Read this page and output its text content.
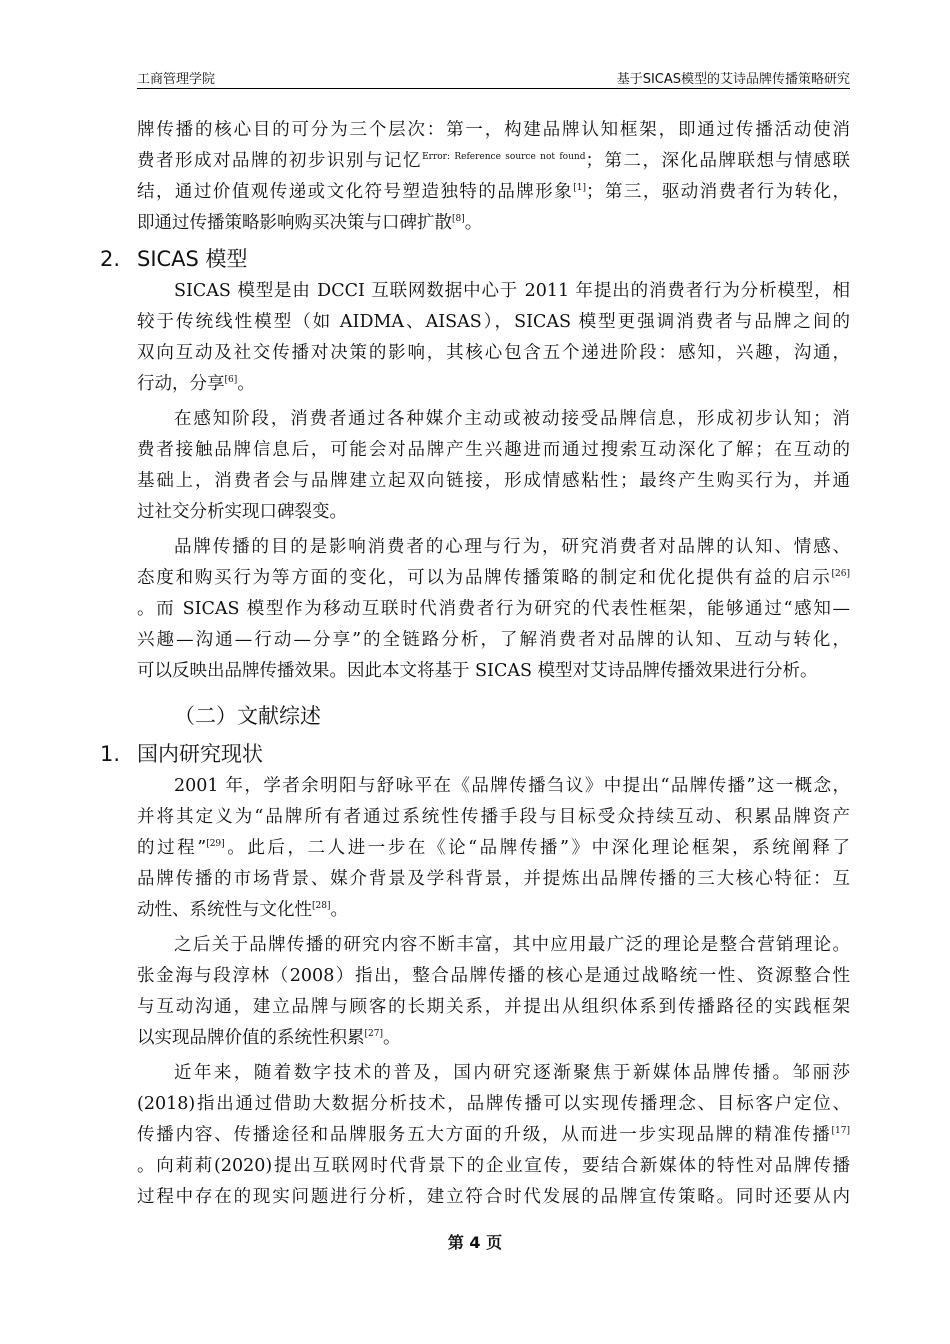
工商管理学院	基于SICAS模型的艾诗品牌传播策略研究
牌传播的核心目的可分为三个层次：第一，构建品牌认知框架，即通过传播活动使消
费者形成对品牌的初步识别与记忆$^{Error: Reference source not found}$；第二，深化品牌联想与情感联
结，通过价值观传递或文化符号塑造独特的品牌形象[1]；第三，驱动消费者行为转化，
即通过传播策略影响购买决策与口碑扩散[8]。
2. SICAS 模型
SICAS 模型是由 DCCI 互联网数据中心于 2011 年提出的消费者行为分析模型，相
较于传统线性模型（如 AIDMA、AISAS），SICAS 模型更强调消费者与品牌之间的
双向互动及社交传播对决策的影响，其核心包含五个递进阶段：感知，兴趣，沟通，
行动，分享[6]。
在感知阶段，消费者通过各种媒介主动或被动接受品牌信息，形成初步认知；消
费者接触品牌信息后，可能会对品牌产生兴趣进而通过搜索互动深化了解；在互动的
基础上，消费者会与品牌建立起双向链接，形成情感粘性；最终产生购买行为，并通
过社交分析实现口碑裂变。
品牌传播的目的是影响消费者的心理与行为，研究消费者对品牌的认知、情感、
态度和购买行为等方面的变化，可以为品牌传播策略的制定和优化提供有益的启示[26]
。而 SICAS 模型作为移动互联时代消费者行为研究的代表性框架，能够通过“感知—
兴趣—沟通—行动—分享”的全链路分析，了解消费者对品牌的认知、互动与转化，
可以反映出品牌传播效果。因此本文将基于 SICAS 模型对艾诗品牌传播效果进行分析。
（二）文献综述
1. 国内研究现状
2001 年，学者余明阳与舒咏平在《品牌传播刍议》中提出“品牌传播”这一概念，
并将其定义为“品牌所有者通过系统性传播手段与目标受众持续互动、积累品牌资产
的过程”[29]。此后，二人进一步在《论“品牌传播”》中深化理论框架，系统阐释了
品牌传播的市场背景、媒介背景及学科背景，并提炼出品牌传播的三大核心特征：互
动性、系统性与文化性[28]。
之后关于品牌传播的研究内容不断丰富，其中应用最广泛的理论是整合营销理论。
张金海与段淳林（2008）指出，整合品牌传播的核心是通过战略统一性、资源整合性
与互动沟通，建立品牌与顾客的长期关系，并提出从组织体系到传播路径的实践框架
以实现品牌价值的系统性积累[27]。
近年来，随着数字技术的普及，国内研究逐渐聚焦于新媒体品牌传播。邹丽莎
(2018)指出通过借助大数据分析技术，品牌传播可以实现传播理念、目标客户定位、
传播内容、传播途径和品牌服务五大方面的升级，从而进一步实现品牌的精准传播[17]
。向莉莉(2020)提出互联网时代背景下的企业宣传，要结合新媒体的特性对品牌传播
过程中存在的现实问题进行分析，建立符合时代发展的品牌宣传策略。同时还要从内
第 4 页
